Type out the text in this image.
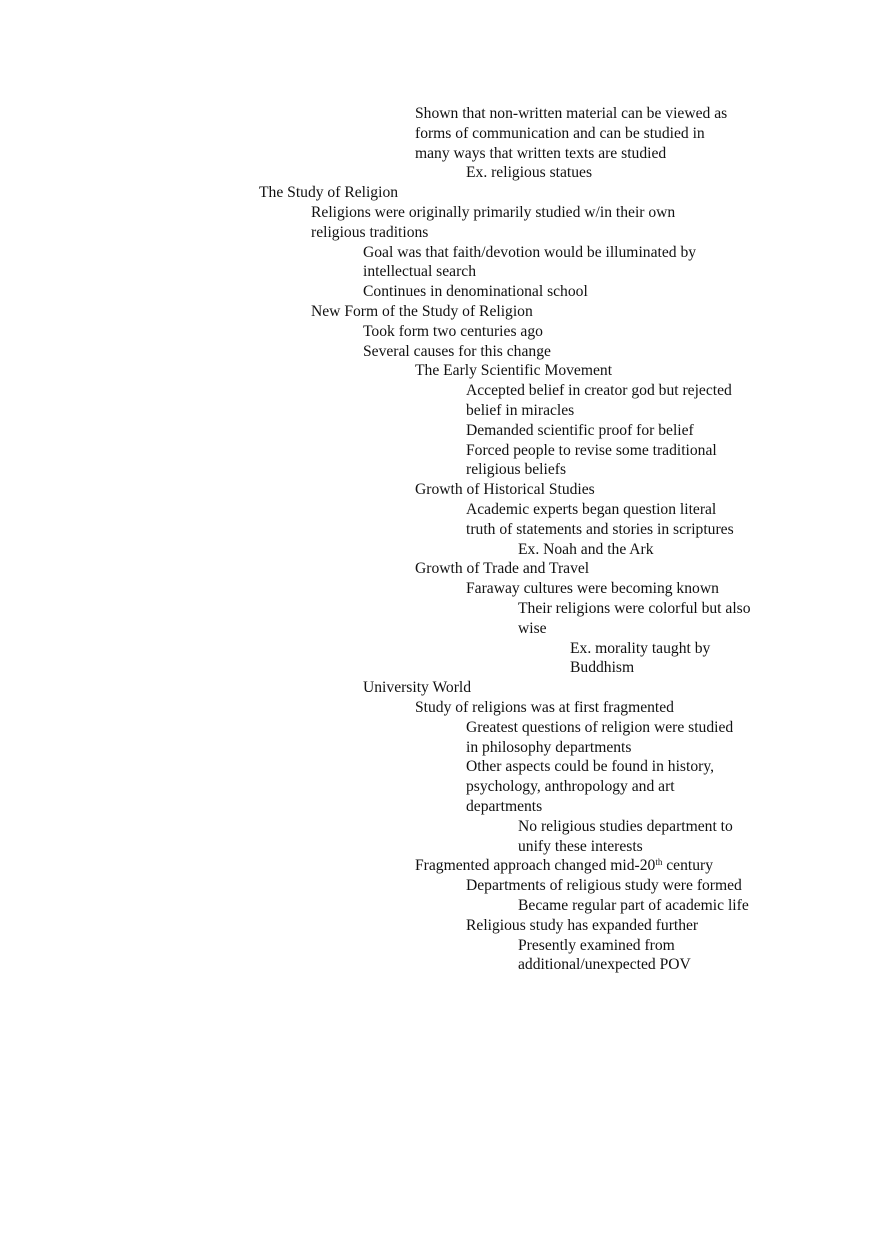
Shown that non-written material can be viewed as
forms of communication and can be studied in
many ways that written texts are studied
Ex. religious statues
The Study of Religion
Religions were originally primarily studied w/in their own
religious traditions
Goal was that faith/devotion would be illuminated by
intellectual search
Continues in denominational school
New Form of the Study of Religion
Took form two centuries ago
Several causes for this change
The Early Scientific Movement
Accepted belief in creator god but rejected
belief in miracles
Demanded scientific proof for belief
Forced people to revise some traditional
religious beliefs
Growth of Historical Studies
Academic experts began question literal
truth of statements and stories in scriptures
Ex. Noah and the Ark
Growth of Trade and Travel
Faraway cultures were becoming known
Their religions were colorful but also
wise
Ex. morality taught by
Buddhism
University World
Study of religions was at first fragmented
Greatest questions of religion were studied
in philosophy departments
Other aspects could be found in history,
psychology, anthropology and art
departments
No religious studies department to
unify these interests
Fragmented approach changed mid-20th century
Departments of religious study were formed
Became regular part of academic life
Religious study has expanded further
Presently examined from
additional/unexpected POV
